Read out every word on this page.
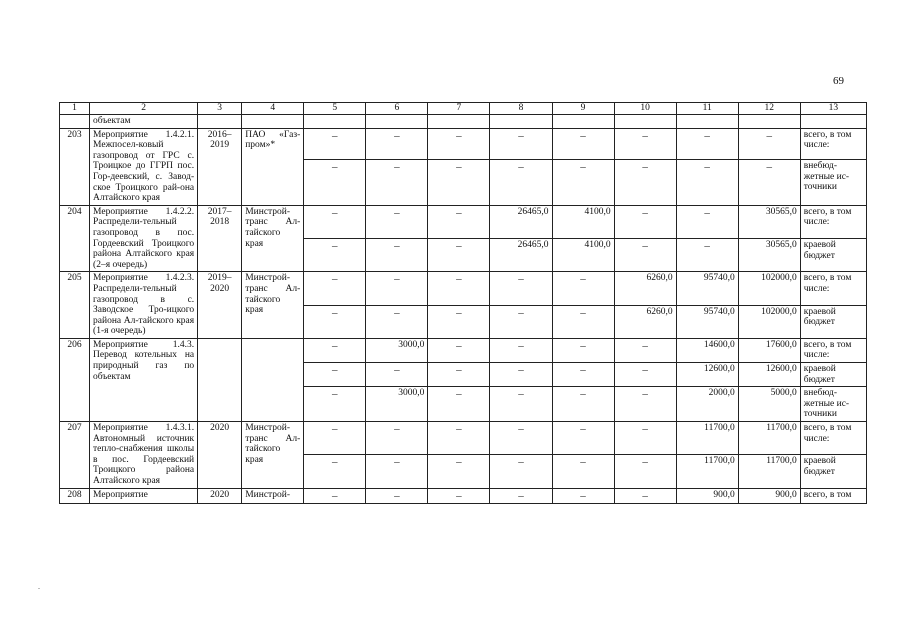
69
1	2	3	4	5	6	7	8	9	10	11	12	13
	объектам											
203	Мероприятие 1.4.2.1. Межпосел-ковый газопровод от ГРС с. Троицкое до ГГРП пос. Гор-деевский, с. Завод-ское Троицкого рай-она Алтайского края	2016–2019	ПАО «Газ-пром»*	–	–	–	–	–	–	–	–	всего, в том числе:
				–	–	–	–	–	–	–	–	внебюд-жетные ис-точники
204	Мероприятие 1.4.2.2. Распредели-тельный газопровод в пос. Гордеевский Троицкого района Алтайского края (2–я очередь)	2017–2018	Минстрой-транс Ал-тайского края	–	–	–	26465,0	4100,0	–	–	30565,0	всего, в том числе:
				–	–	–	26465,0	4100,0	–	–	30565,0	краевой бюджет
205	Мероприятие 1.4.2.3. Распредели-тельный газопровод в с. Заводское Тро-ицкого района Ал-тайского края (1-я очередь)	2019–2020	Минстрой-транс Ал-тайского края	–	–	–	–	–	6260,0	95740,0	102000,0	всего, в том числе:
				–	–	–	–	–	6260,0	95740,0	102000,0	краевой бюджет
206	Мероприятие 1.4.3. Перевод котельных на природный газ по объектам			–	3000,0	–	–	–	–	14600,0	17600,0	всего, в том числе:
				–	–	–	–	–	–	12600,0	12600,0	краевой бюджет
				–	3000,0	–	–	–	–	2000,0	5000,0	внебюд-жетные ис-точники
207	Мероприятие 1.4.3.1. Автономный источник тепло-снабжения школы в пос. Гордеевский Троицкого района Алтайского края	2020	Минстрой-транс Ал-тайского края	–	–	–	–	–	–	11700,0	11700,0	всего, в том числе:
				–	–	–	–	–	–	11700,0	11700,0	краевой бюджет
208	Мероприятие	2020	Минстрой-	–	–	–	–	–	–	900,0	900,0	всего, в том
.
